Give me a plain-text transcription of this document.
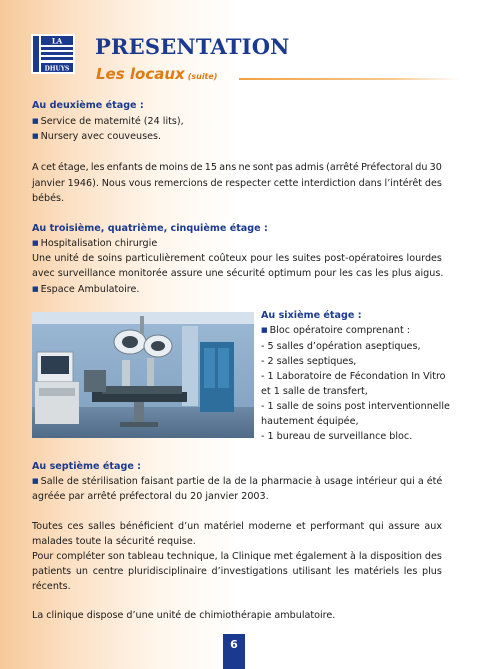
LA
DHUYS
PRESENTATION
Les locaux (suite)
Au deuxième étage :
■ Service de matemité (24 lits),
■ Nursery avec couveuses.
A cet étage, les enfants de moins de 15 ans ne sont pas admis (arrêté Préfectoral du 30
janvier 1946). Nous vous remercions de respecter cette interdiction dans l’intérêt des
bébés.
Au troisième, quatrième, cinquième étage :
■ Hospitalisation chirurgie
Une unité de soins particulièrement coûteux pour les suites post-opératoires lourdes
avec surveillance monitorée assure une sécurité optimum pour les cas les plus aigus.
■ Espace Ambulatoire.
Au sixième étage :
■ Bloc opératoire comprenant :
- 5 salles d’opération aseptiques,
- 2 salles septiques,
- 1 Laboratoire de Fécondation In Vitro
et 1 salle de transfert,
- 1 salle de soins post interventionnelle
hautement équipée,
- 1 bureau de surveillance bloc.
Au septième étage :
■ Salle de stérilisation faisant partie de la de la pharmacie à usage intérieur qui a été
agréée par arrêté préfectoral du 20 janvier 2003.
Toutes ces salles bénéficient d’un matériel moderne et performant qui assure aux
malades toute la sécurité requise.
Pour compléter son tableau technique, la Clinique met également à la disposition des
patients un centre pluridisciplinaire d’investigations utilisant les matériels les plus
récents.
La clinique dispose d’une unité de chimiothérapie ambulatoire.
6
